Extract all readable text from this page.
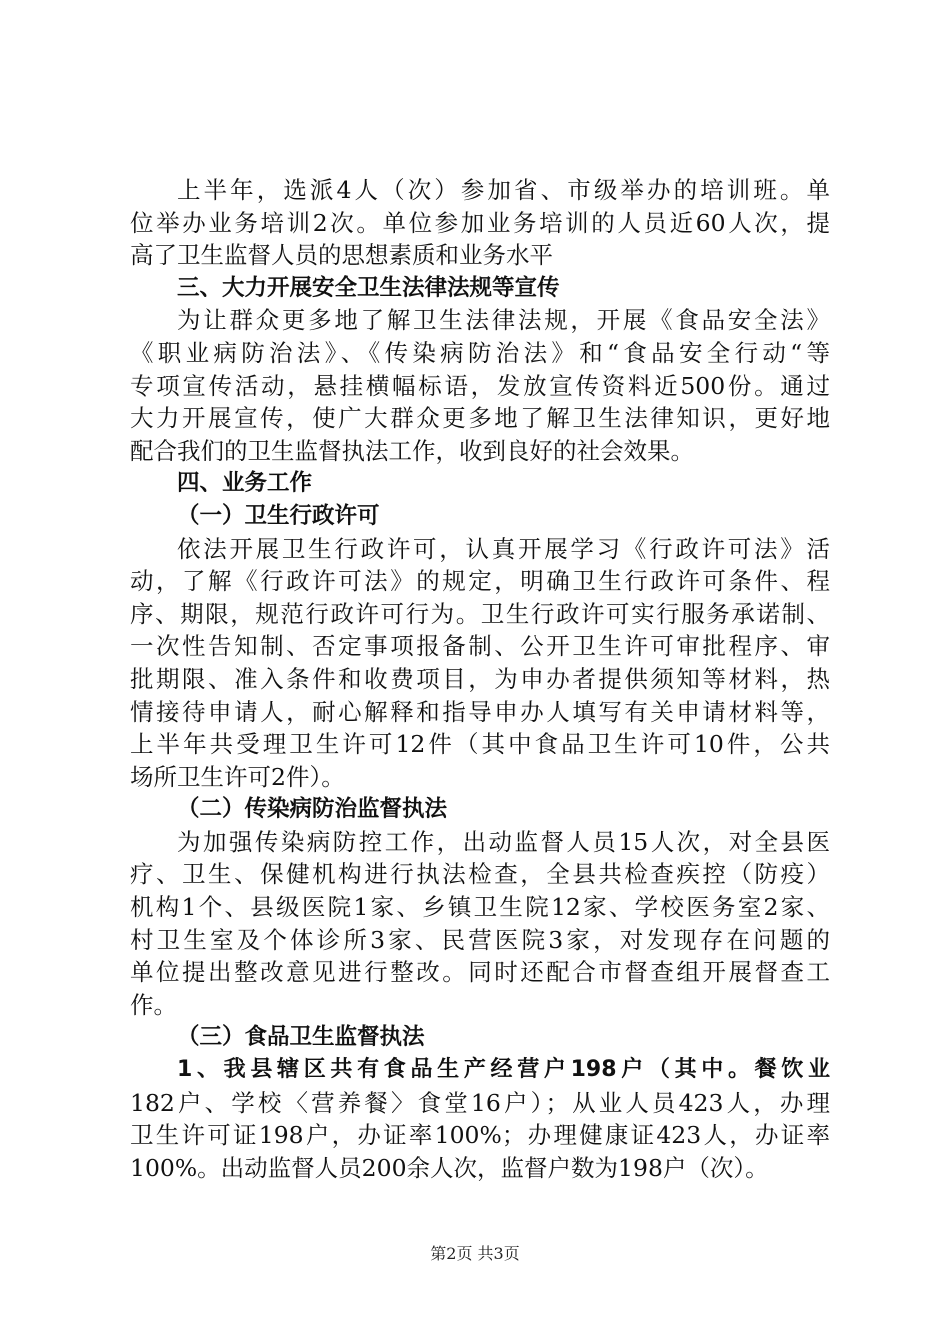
上半年，选派4人（次）参加省、市级举办的培训班。单
位举办业务培训2次。单位参加业务培训的人员近60人次，提
高了卫生监督人员的思想素质和业务水平
三、大力开展安全卫生法律法规等宣传
为让群众更多地了解卫生法律法规，开展《食品安全法》
《职业病防治法》、《传染病防治法》和“食品安全行动“等
专项宣传活动，悬挂横幅标语，发放宣传资料近500份。通过
大力开展宣传，使广大群众更多地了解卫生法律知识，更好地
配合我们的卫生监督执法工作，收到良好的社会效果。
四、业务工作
（一）卫生行政许可
依法开展卫生行政许可，认真开展学习《行政许可法》活
动，了解《行政许可法》的规定，明确卫生行政许可条件、程
序、期限，规范行政许可行为。卫生行政许可实行服务承诺制、
一次性告知制、否定事项报备制、公开卫生许可审批程序、审
批期限、准入条件和收费项目，为申办者提供须知等材料，热
情接待申请人，耐心解释和指导申办人填写有关申请材料等，
上半年共受理卫生许可12件（其中食品卫生许可10件，公共
场所卫生许可2件）。
（二）传染病防治监督执法
为加强传染病防控工作，出动监督人员15人次，对全县医
疗、卫生、保健机构进行执法检查，全县共检查疾控（防疫）
机构1个、县级医院1家、乡镇卫生院12家、学校医务室2家、
村卫生室及个体诊所3家、民营医院3家，对发现存在问题的
单位提出整改意见进行整改。同时还配合市督查组开展督查工
作。
（三）食品卫生监督执法
1、我县辖区共有食品生产经营户198户（其中。餐饮业
182户、学校〈营养餐〉食堂16户）；从业人员423人，办理
卫生许可证198户，办证率100%；办理健康证423人，办证率
100%。出动监督人员200余人次，监督户数为198户（次）。
第2页 共3页
